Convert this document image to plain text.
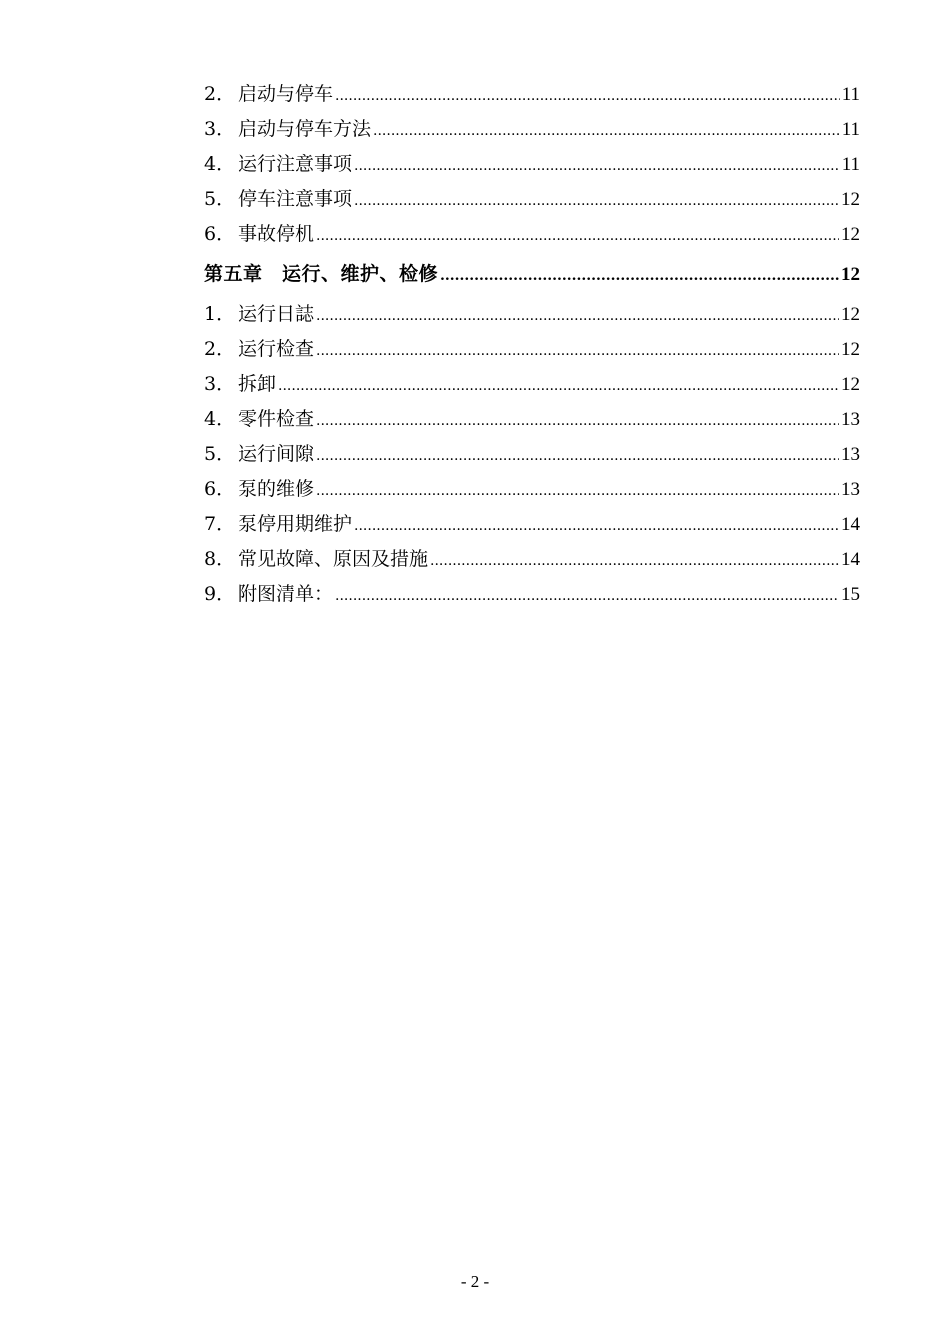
2． 启动与停车 .....	11
3． 启动与停车方法 .....	11
4． 运行注意事项 .....	11
5． 停车注意事项 .....	12
6． 事故停机 .....	12
第五章　运行、维护、检修 .....	12
1． 运行日誌 .....	12
2． 运行检查 .....	12
3． 拆卸 .....	12
4． 零件检查 .....	13
5． 运行间隙 .....	13
6． 泵的维修 .....	13
7． 泵停用期维护 .....	14
8． 常见故障、原因及措施 .....	14
9． 附图清单： .....	15
- 2 -
